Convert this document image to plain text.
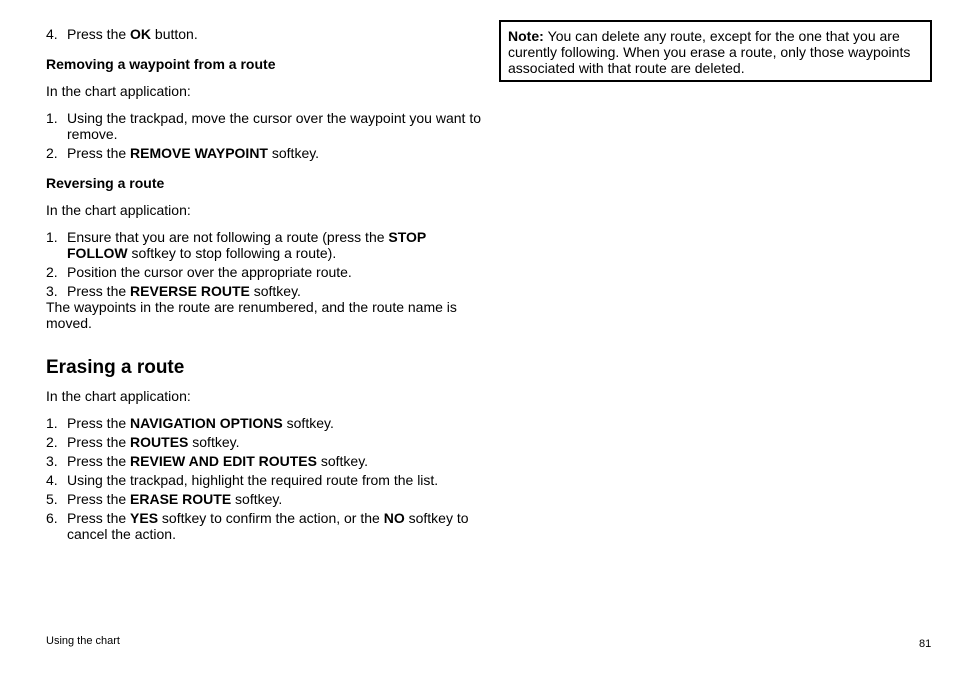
4. Press the OK button.

Removing a waypoint from a route

In the chart application:

1. Using the trackpad, move the cursor over the waypoint you want to remove.
2. Press the REMOVE WAYPOINT softkey.

Reversing a route

In the chart application:

1. Ensure that you are not following a route (press the STOP FOLLOW softkey to stop following a route).
2. Position the cursor over the appropriate route.
3. Press the REVERSE ROUTE softkey.

The waypoints in the route are renumbered, and the route name is moved.

Erasing a route

In the chart application:

1. Press the NAVIGATION OPTIONS softkey.
2. Press the ROUTES softkey.
3. Press the REVIEW AND EDIT ROUTES softkey.
4. Using the trackpad, highlight the required route from the list.
5. Press the ERASE ROUTE softkey.
6. Press the YES softkey to confirm the action, or the NO softkey to cancel the action.
Note: You can delete any route, except for the one that you are curently following. When you erase a route, only those waypoints associated with that route are deleted.
Using the chart	81
